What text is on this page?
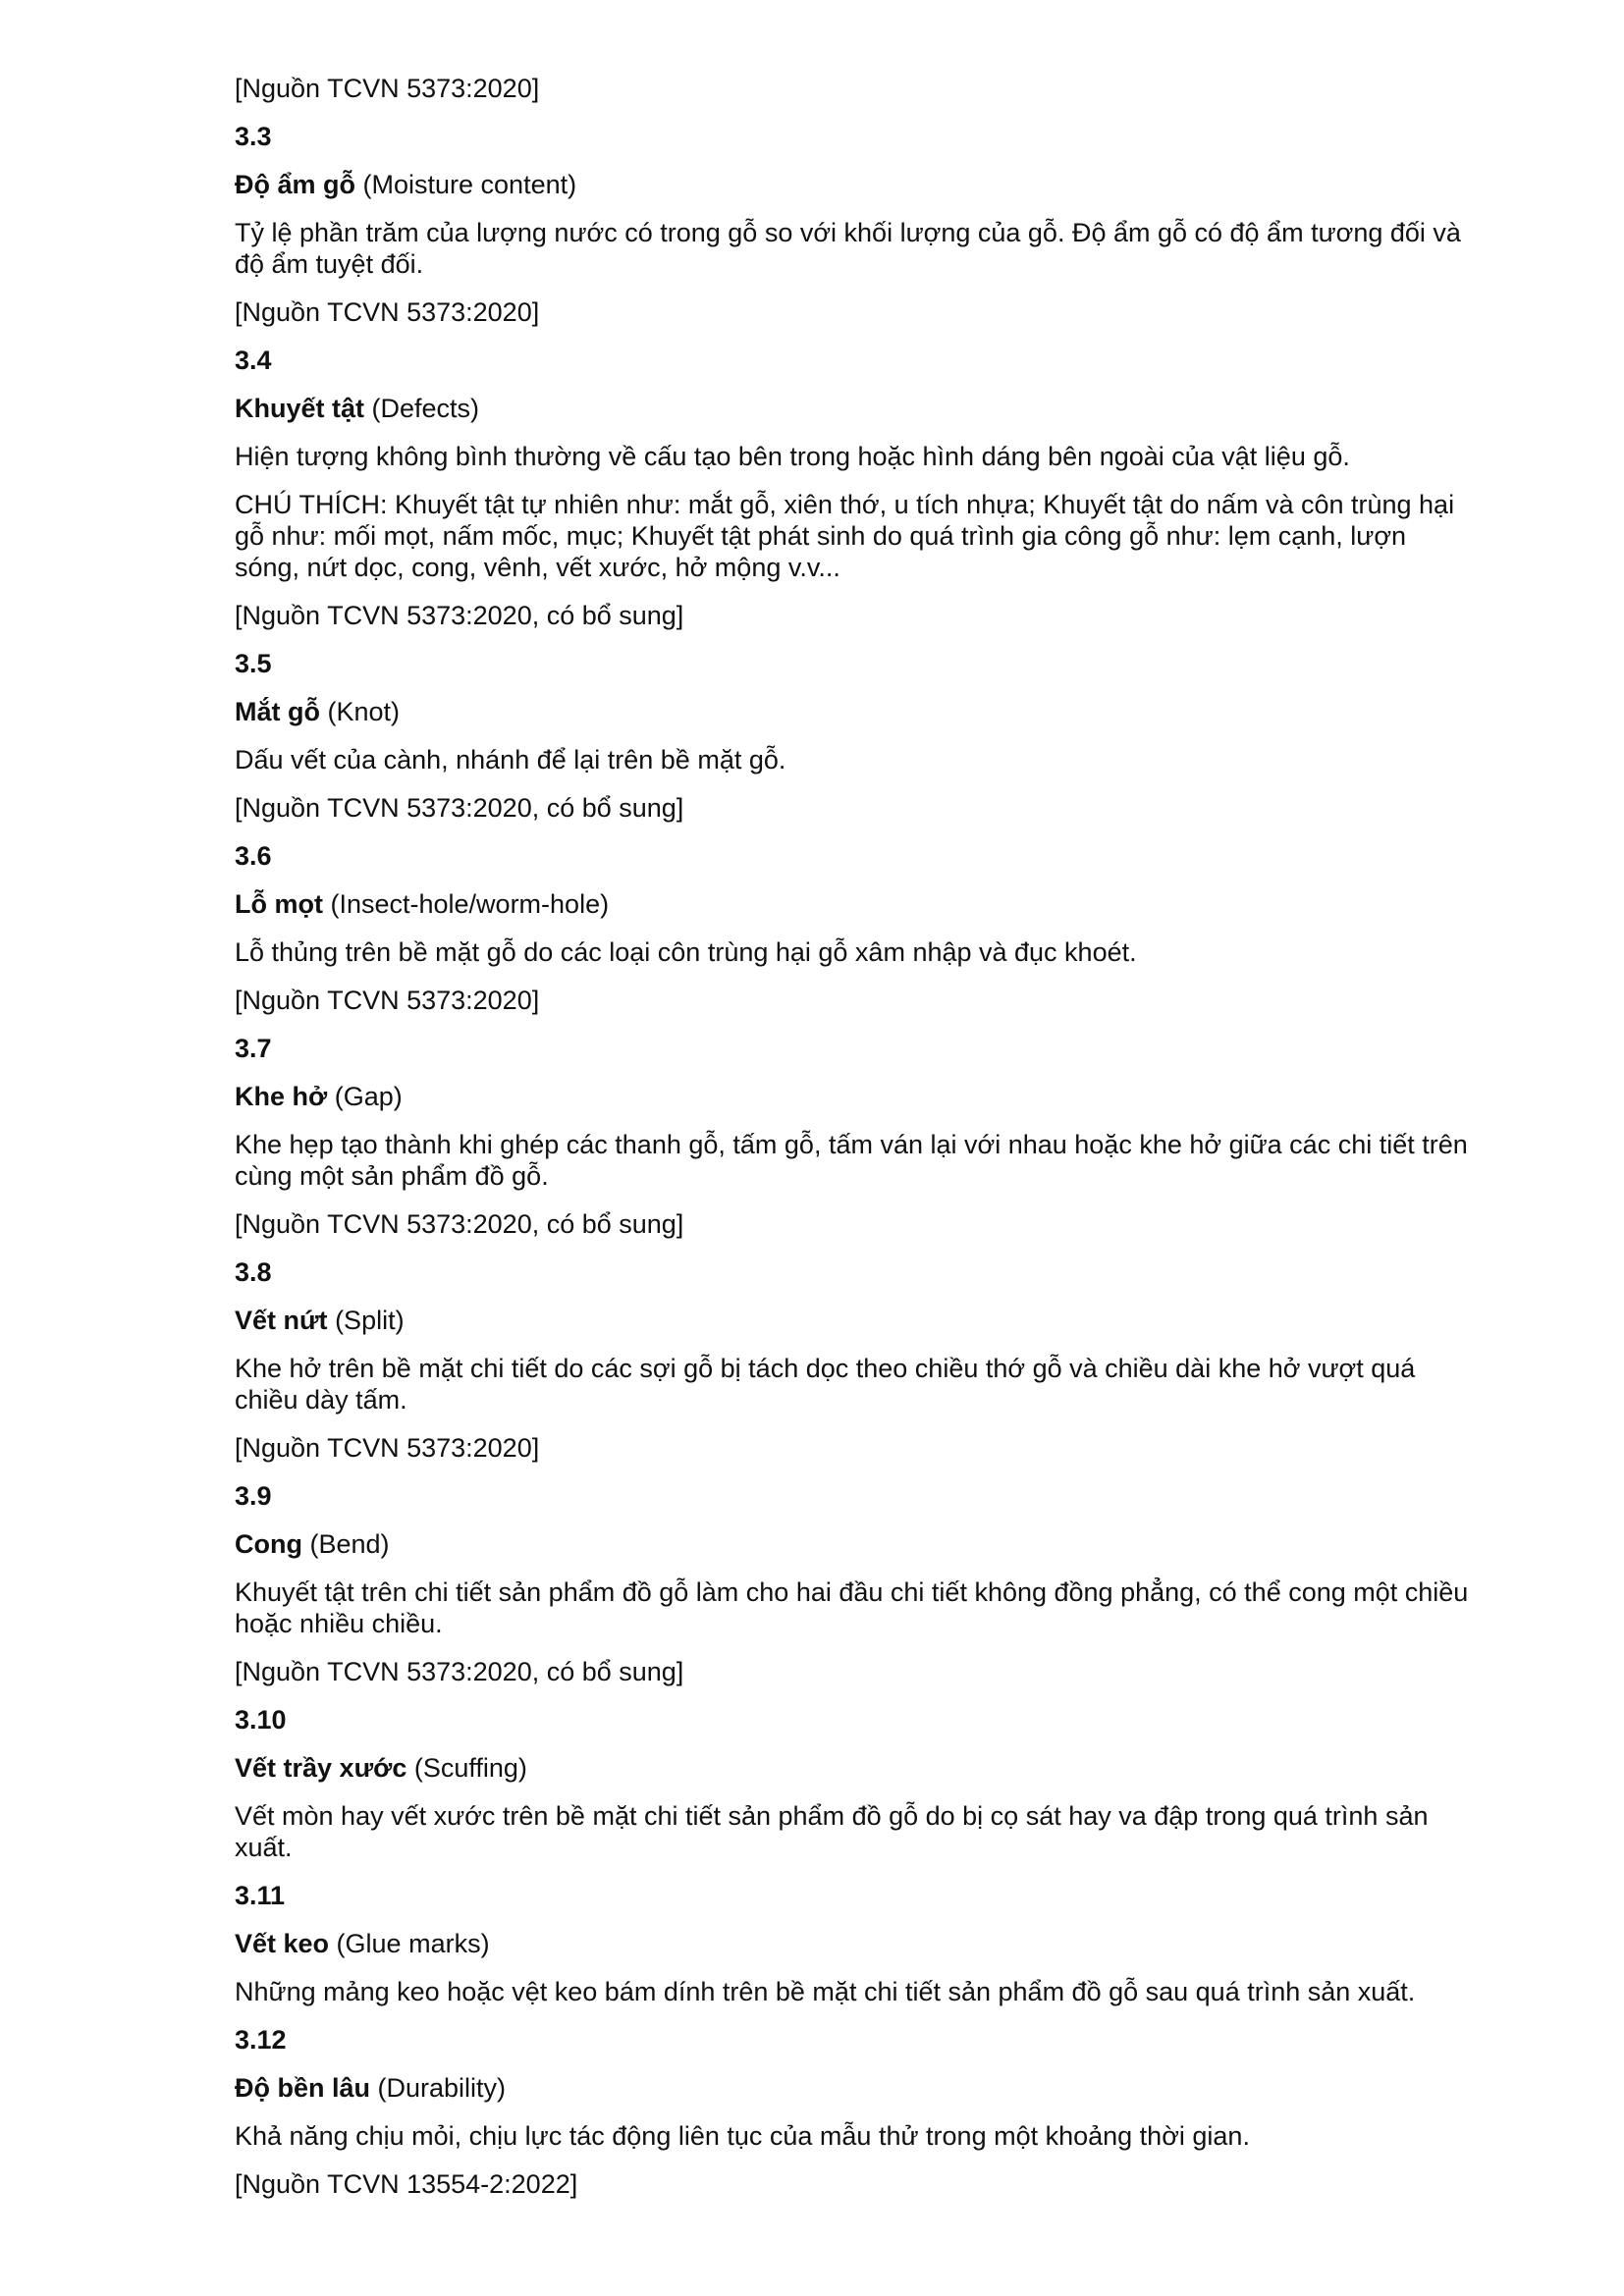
[Nguồn TCVN 5373:2020]
3.3
Độ ẩm gỗ (Moisture content)
Tỷ lệ phần trăm của lượng nước có trong gỗ so với khối lượng của gỗ. Độ ẩm gỗ có độ ẩm tương đối và độ ẩm tuyệt đối.
[Nguồn TCVN 5373:2020]
3.4
Khuyết tật (Defects)
Hiện tượng không bình thường về cấu tạo bên trong hoặc hình dáng bên ngoài của vật liệu gỗ.
CHÚ THÍCH: Khuyết tật tự nhiên như: mắt gỗ, xiên thớ, u tích nhựa; Khuyết tật do nấm và côn trùng hại gỗ như: mối mọt, nấm mốc, mục; Khuyết tật phát sinh do quá trình gia công gỗ như: lẹm cạnh, lượn sóng, nứt dọc, cong, vênh, vết xước, hở mộng v.v...
[Nguồn TCVN 5373:2020, có bổ sung]
3.5
Mắt gỗ (Knot)
Dấu vết của cành, nhánh để lại trên bề mặt gỗ.
[Nguồn TCVN 5373:2020, có bổ sung]
3.6
Lỗ mọt (Insect-hole/worm-hole)
Lỗ thủng trên bề mặt gỗ do các loại côn trùng hại gỗ xâm nhập và đục khoét.
[Nguồn TCVN 5373:2020]
3.7
Khe hở (Gap)
Khe hẹp tạo thành khi ghép các thanh gỗ, tấm gỗ, tấm ván lại với nhau hoặc khe hở giữa các chi tiết trên cùng một sản phẩm đồ gỗ.
[Nguồn TCVN 5373:2020, có bổ sung]
3.8
Vết nứt (Split)
Khe hở trên bề mặt chi tiết do các sợi gỗ bị tách dọc theo chiều thớ gỗ và chiều dài khe hở vượt quá chiều dày tấm.
[Nguồn TCVN 5373:2020]
3.9
Cong (Bend)
Khuyết tật trên chi tiết sản phẩm đồ gỗ làm cho hai đầu chi tiết không đồng phẳng, có thể cong một chiều hoặc nhiều chiều.
[Nguồn TCVN 5373:2020, có bổ sung]
3.10
Vết trầy xước (Scuffing)
Vết mòn hay vết xước trên bề mặt chi tiết sản phẩm đồ gỗ do bị cọ sát hay va đập trong quá trình sản xuất.
3.11
Vết keo (Glue marks)
Những mảng keo hoặc vệt keo bám dính trên bề mặt chi tiết sản phẩm đồ gỗ sau quá trình sản xuất.
3.12
Độ bền lâu (Durability)
Khả năng chịu mỏi, chịu lực tác động liên tục của mẫu thử trong một khoảng thời gian.
[Nguồn TCVN 13554-2:2022]
